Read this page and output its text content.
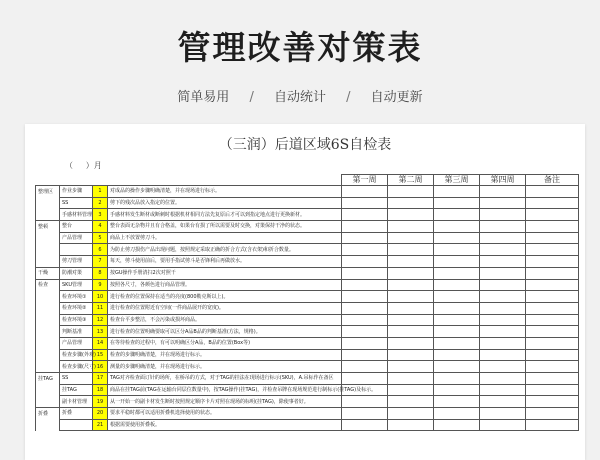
管理改善对策表
简单易用 / 自动统计 / 自动更新
（三润）后道区域6S自检表
（     ）月
				第一周	第二周	第三周	第四周	备注
整理区	作业步骤	1	对成品的操作步骤明确清楚，并在现场进行标示。					
	SS	2	剪下的残次品放入指定的位置。					
	手感材料管理	3	手感材料发生断材或断刺时根据机材相同方法先复原后才可以到指定地点进行更换新材。					
整顿	整台	4	整台表面无杂物并且有合格盖，如果台有损了所以需要及时交换，对策保持干净的状态。					
	产品管理	5	商品上不放置剪刀斗。					
		6	为防止剪刀损伤产品出现问题，按照规定采取正确的折合方式(含衣架)和折合数量。					
	剪刀管理	7	每天，剪斗使用前后，要用手指试剪斗是否锋利后再做放水。					
干燥	防潮对策	8	按GU操作手册清扫2次对照干					
检查	SKU管理	9	按照各尺寸，各颜色进行商品管理。					
	检查环境①	10	进行检查的位置保持在适当的亮度(800勒克斯以上)。					
	检查环境②	11	进行检查的位置附近有空间(一件商品展开的宽度)。					
	检查环境③	12	检查台平步整洁，不会污染或损坏商品。					
	判断基准	13	进行检查的位置明确要取可以区分A品B品的判断基准(方法，规格)。					
	产品管理	14	在等待检查的过程中，有可以明确区分A品，B品的位置(Box等)					
	检查步骤(外观)	15	检查的步骤明确清楚，并在现场进行标示。					
	检查步骤(尺寸)	16	测量的步骤明确清楚，并在现场进行标示。					
挂TAG	SS	17	TAG对齐检查面订针的场所，在桥吊的方式，对于TAG的挂法在现场进行标示(SKU)，A.吊标作在备区					
	挂TAG	18	商品在挂TAG前(TAG在运输台同层位数量中)，按TAG操作(挂TAG)，并检查吊牌在现场规范进行制标示(挂TAG)及标示。					
	副卡材管理	19	从一开始一的副卡材发生断时按照规定顺序卡片对照在现场的标明(挂TAG)，除使事者好。					
折叠	折叠	20	要求平稳时都可以适用折叠机选择使用的状态。					
		21	根据需要使用折叠板。					
